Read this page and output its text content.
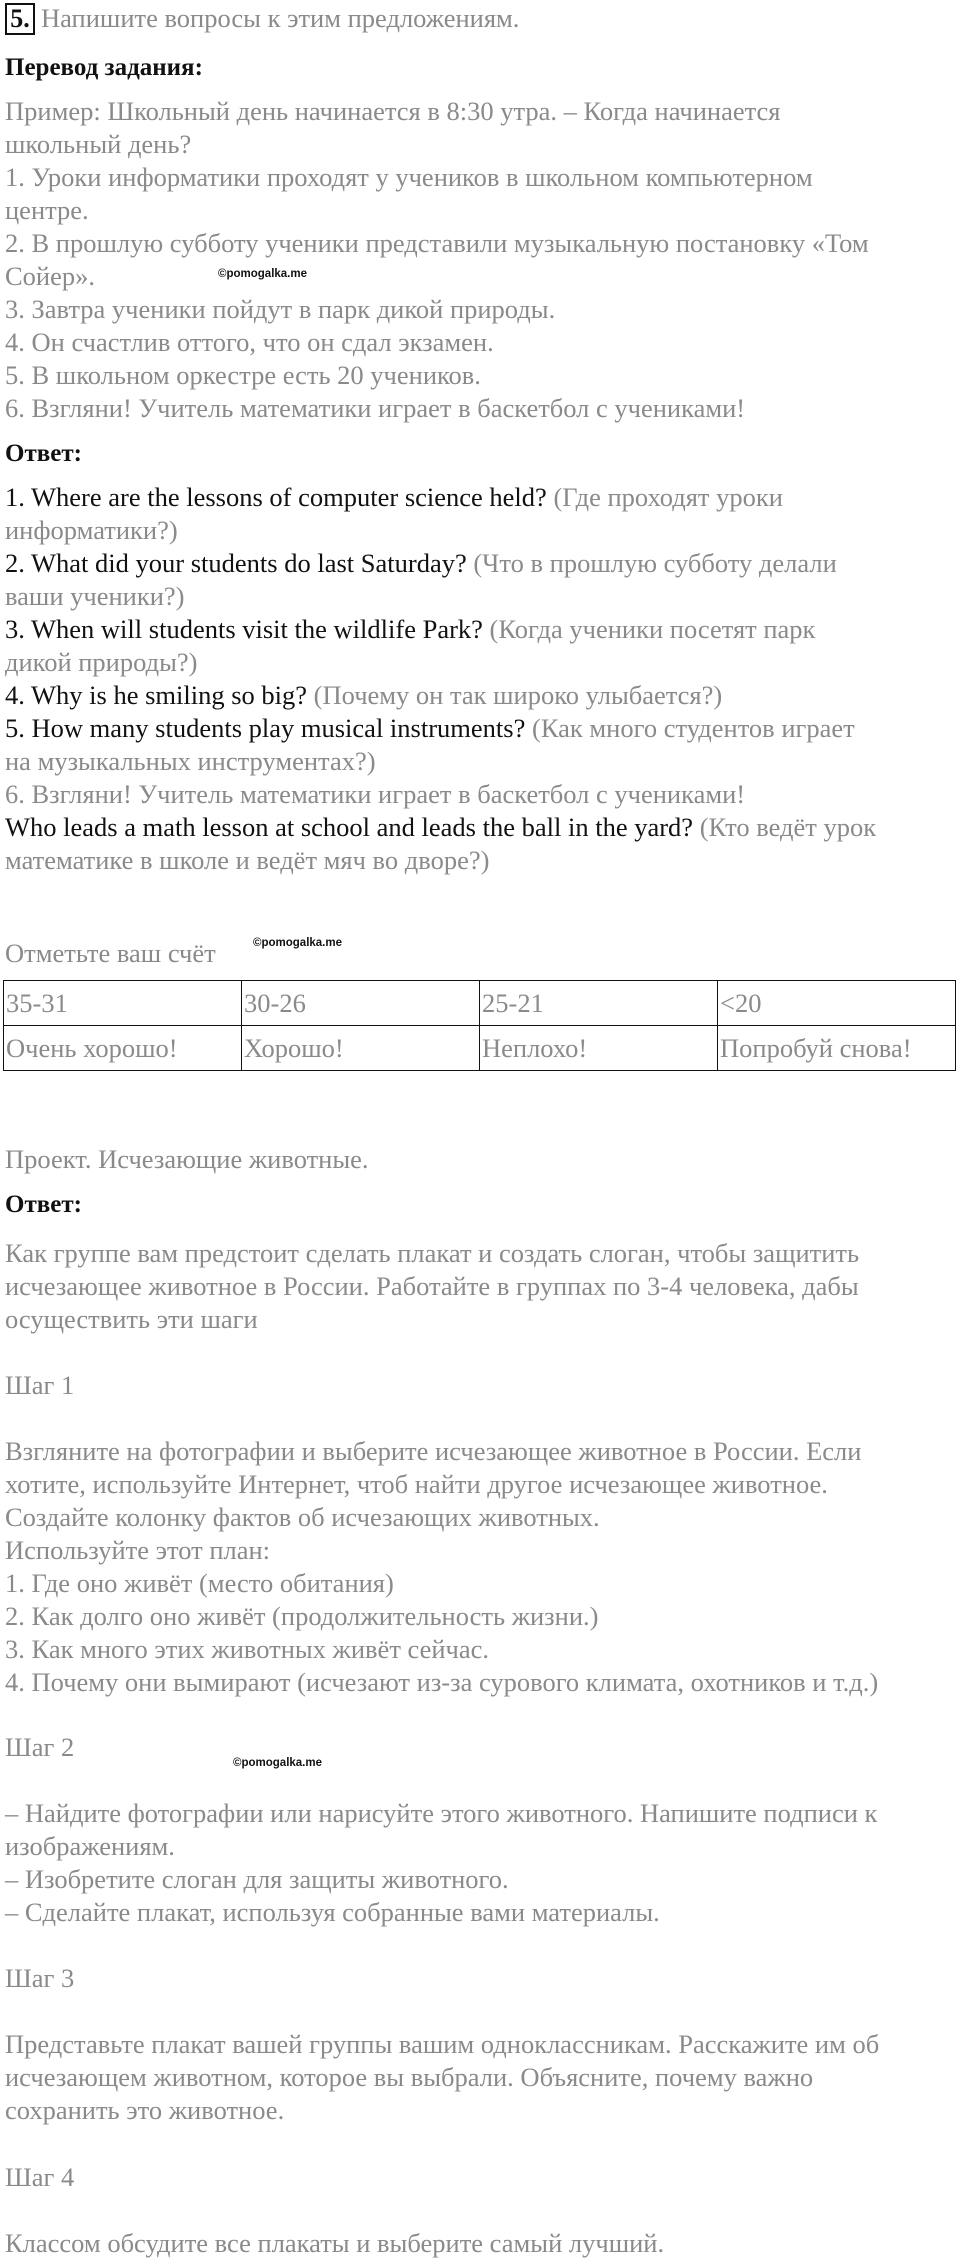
5. Напишите вопросы к этим предложениям.
Перевод задания:
Пример: Школьный день начинается в 8:30 утра. – Когда начинается
школьный день?
1. Уроки информатики проходят у учеников в школьном компьютерном
центре.
2. В прошлую субботу ученики представили музыкальную постановку «Том
Сойер».
3. Завтра ученики пойдут в парк дикой природы.
4. Он счастлив оттого, что он сдал экзамен.
5. В школьном оркестре есть 20 учеников.
6. Взгляни! Учитель математики играет в баскетбол с учениками!
©pomogalka.me
Ответ:
1. Where are the lessons of computer science held? (Где проходят уроки
информатики?)
2. What did your students do last Saturday? (Что в прошлую субботу делали
ваши ученики?)
3. When will students visit the wildlife Park? (Когда ученики посетят парк
дикой природы?)
4. Why is he smiling so big? (Почему он так широко улыбается?)
5. How many students play musical instruments? (Как много студентов играет
на музыкальных инструментах?)
6. Взгляни! Учитель математики играет в баскетбол с учениками!
Who leads a math lesson at school and leads the ball in the yard? (Кто ведёт урок
математике в школе и ведёт мяч во дворе?)
Отметьте ваш счёт	©pomogalka.me
35-31	30-26	25-21	<20
Очень хорошо!	Хорошо!	Неплохо!	Попробуй снова!
Проект. Исчезающие животные.
Ответ:
Как группе вам предстоит сделать плакат и создать слоган, чтобы защитить
исчезающее животное в России. Работайте в группах по 3-4 человека, дабы
осуществить эти шаги
Шаг 1
Взгляните на фотографии и выберите исчезающее животное в России. Если
хотите, используйте Интернет, чтоб найти другое исчезающее животное.
Создайте колонку фактов об исчезающих животных.
Используйте этот план:
1. Где оно живёт (место обитания)
2. Как долго оно живёт (продолжительность жизни.)
3. Как много этих животных живёт сейчас.
4. Почему они вымирают (исчезают из-за сурового климата, охотников и т.д.)
Шаг 2
©pomogalka.me
– Найдите фотографии или нарисуйте этого животного. Напишите подписи к
изображениям.
– Изобретите слоган для защиты животного.
– Сделайте плакат, используя собранные вами материалы.
Шаг 3
Представьте плакат вашей группы вашим одноклассникам. Расскажите им об
исчезающем животном, которое вы выбрали. Объясните, почему важно
сохранить это животное.
Шаг 4
Классом обсудите все плакаты и выберите самый лучший.
